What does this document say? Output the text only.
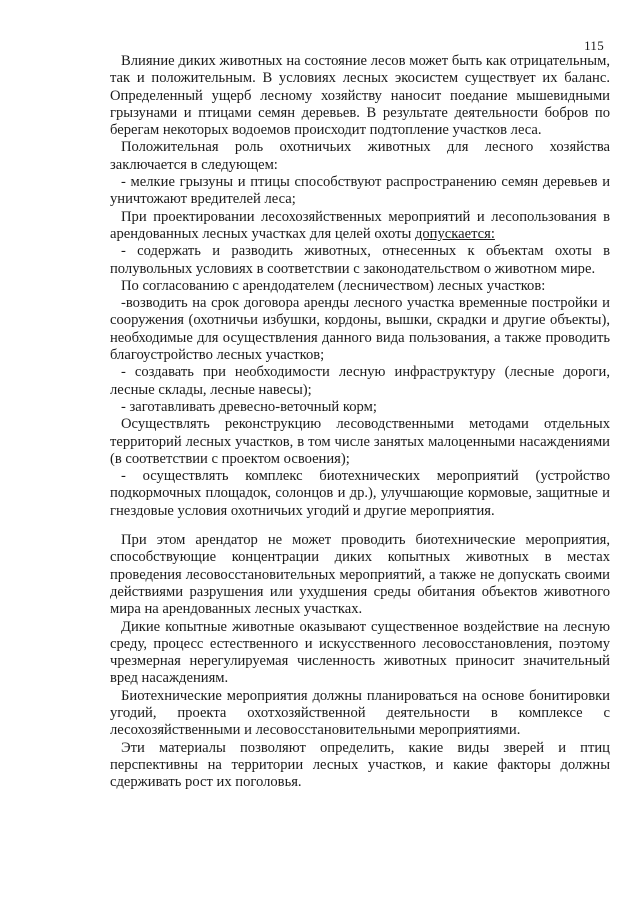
115

Влияние диких животных на состояние лесов может быть как отрицательным, так и положительным. В условиях лесных экосистем существует их баланс. Определенный ущерб лесному хозяйству наносит поедание мышевидными грызунами и птицами семян деревьев. В результате деятельности бобров по берегам некоторых водоемов происходит подтопление участков леса.

Положительная роль охотничьих животных для лесного хозяйства заключается в следующем:

- мелкие грызуны и птицы способствуют распространению семян деревьев и уничтожают вредителей леса;

При проектировании лесохозяйственных мероприятий и лесопользования в арендованных лесных участках для целей охоты допускается:

- содержать и разводить животных, отнесенных к объектам охоты в полувольных условиях в соответствии с законодательством о животном мире.

По согласованию с арендодателем (лесничеством) лесных участков:

-возводить на срок договора аренды лесного участка временные постройки и сооружения (охотничьи избушки, кордоны, вышки, скрадки и другие объекты), необходимые для осуществления данного вида пользования, а также проводить благоустройство лесных участков;

- создавать при необходимости лесную инфраструктуру (лесные дороги, лесные склады, лесные навесы);

- заготавливать древесно-веточный корм;

Осуществлять реконструкцию лесоводственными методами отдельных территорий лесных участков, в том числе занятых малоценными насаждениями (в соответствии с проектом освоения);

- осуществлять комплекс биотехнических мероприятий (устройство подкормочных площадок, солонцов и др.), улучшающие кормовые, защитные и гнездовые условия охотничьих угодий и другие мероприятия.

При этом арендатор не может проводить биотехнические мероприятия, способствующие концентрации диких копытных животных в местах проведения лесовосстановительных мероприятий, а также не допускать своими действиями разрушения или ухудшения среды обитания объектов животного мира на арендованных лесных участках.

Дикие копытные животные оказывают существенное воздействие на лесную среду, процесс естественного и искусственного лесовосстановления, поэтому чрезмерная нерегулируемая численность животных приносит значительный вред насаждениям.

Биотехнические мероприятия должны планироваться на основе бонитировки угодий, проекта охотхозяйственной деятельности в комплексе с лесохозяйственными и лесовосстановительными мероприятиями.

Эти материалы позволяют определить, какие виды зверей и птиц перспективны на территории лесных участков, и какие факторы должны сдерживать рост их поголовья.
